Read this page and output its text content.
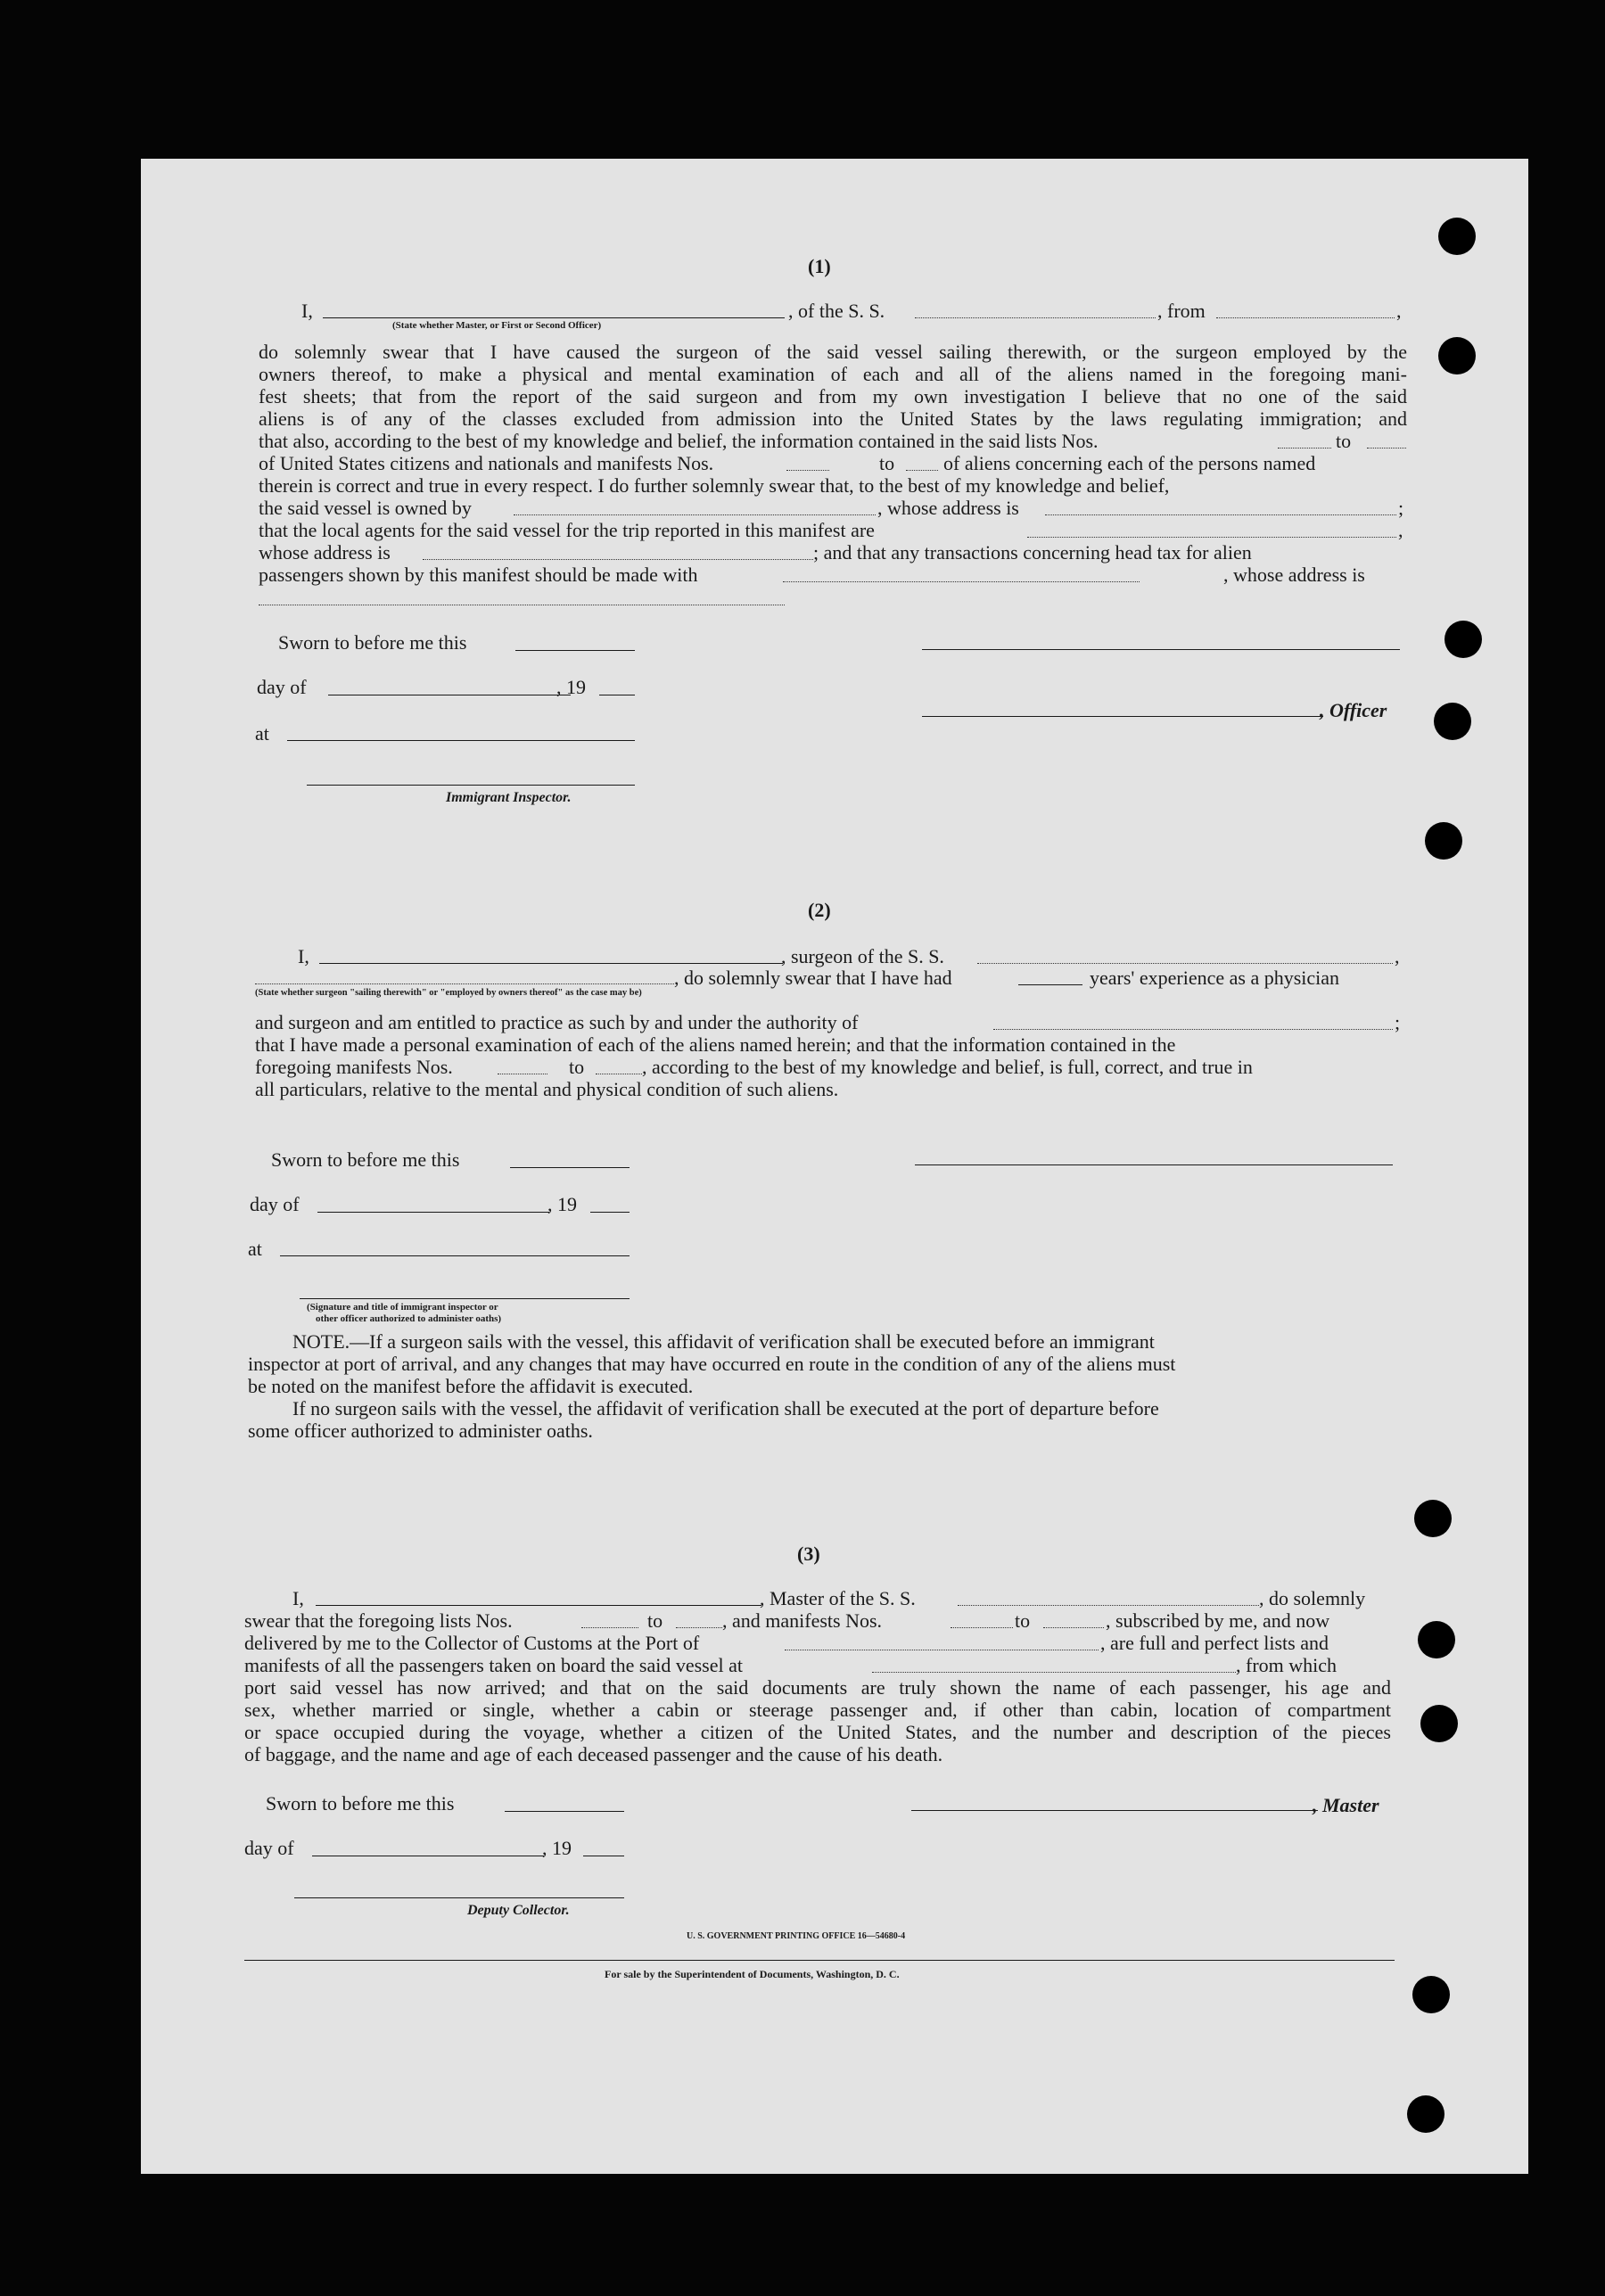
(1)
I,
(State whether Master, or First or Second Officer)
, of the S. S.	, from	,
do solemnly swear that I have caused the surgeon of the said vessel sailing therewith, or the surgeon employed by the
owners thereof, to make a physical and mental examination of each and all of the aliens named in the foregoing mani-
fest sheets; that from the report of the said surgeon and from my own investigation I believe that no one of the said
aliens is of any of the classes excluded from admission into the United States by the laws regulating immigration; and
that also, according to the best of my knowledge and belief, the information contained in the said lists Nos.	to
of United States citizens and nationals and manifests Nos.	to of aliens concerning each of the persons named
therein is correct and true in every respect. I do further solemnly swear that, to the best of my knowledge and belief,
the said vessel is owned by	, whose address is	;
that the local agents for the said vessel for the trip reported in this manifest are	,
whose address is	; and that any transactions concerning head tax for alien
passengers shown by this manifest should be made with	, whose address is
Sworn to before me this
day of	, 19
, Officer
at
Immigrant Inspector.
(2)
I,	, surgeon of the S. S.	,
, do solemnly swear that I have had	years' experience as a physician
(State whether surgeon "sailing therewith" or "employed by owners thereof" as the case may be)
and surgeon and am entitled to practice as such by and under the authority of	;
that I have made a personal examination of each of the aliens named herein; and that the information contained in the
foregoing manifests Nos.	to	, according to the best of my knowledge and belief, is full, correct, and true in
all particulars, relative to the mental and physical condition of such aliens.
Sworn to before me this
day of	, 19
at
(Signature and title of immigrant inspector or
other officer authorized to administer oaths)
NOTE.—If a surgeon sails with the vessel, this affidavit of verification shall be executed before an immigrant
inspector at port of arrival, and any changes that may have occurred en route in the condition of any of the aliens must
be noted on the manifest before the affidavit is executed.
If no surgeon sails with the vessel, the affidavit of verification shall be executed at the port of departure before
some officer authorized to administer oaths.
(3)
I,	, Master of the S. S.	, do solemnly
swear that the foregoing lists Nos.	to	, and manifests Nos.	to	, subscribed by me, and now
delivered by me to the Collector of Customs at the Port of	, are full and perfect lists and
manifests of all the passengers taken on board the said vessel at	, from which
port said vessel has now arrived; and that on the said documents are truly shown the name of each passenger, his age and
sex, whether married or single, whether a cabin or steerage passenger and, if other than cabin, location of compartment
or space occupied during the voyage, whether a citizen of the United States, and the number and description of the pieces
of baggage, and the name and age of each deceased passenger and the cause of his death.
Sworn to before me this	, Master
day of	, 19
Deputy Collector.
U. S. GOVERNMENT PRINTING OFFICE 16—54680-4
For sale by the Superintendent of Documents, Washington, D. C.
